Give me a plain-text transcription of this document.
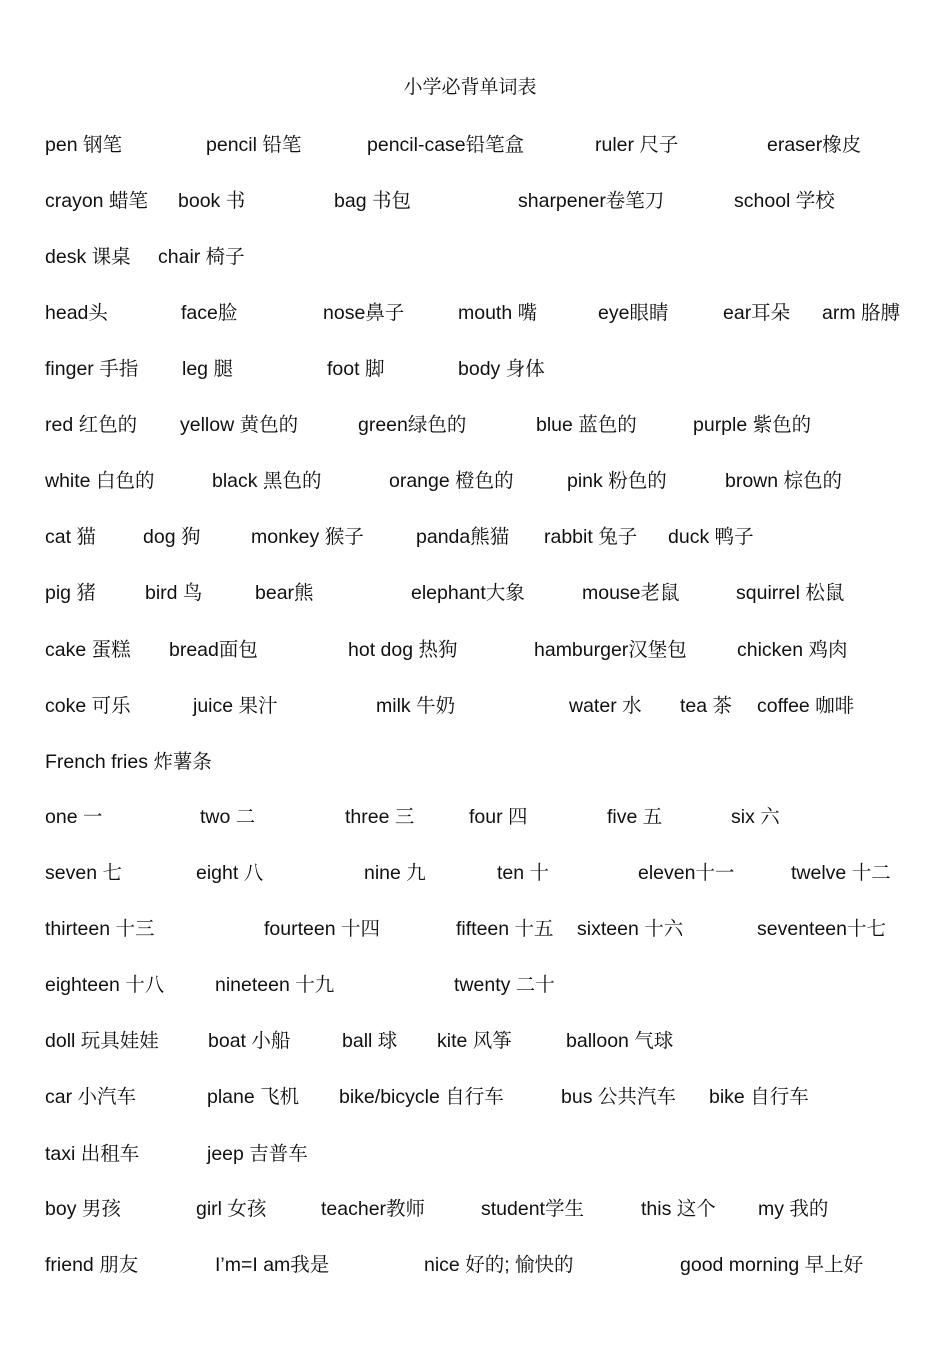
小学必背单词表
pen 钢笔	pencil 铅笔	pencil-case铅笔盒	ruler 尺子	eraser橡皮
crayon 蜡笔 book 书	bag 书包	sharpener卷笔刀	school 学校
desk 课桌 chair 椅子
head头	face脸	nose鼻子	mouth 嘴	eye眼睛	ear耳朵 arm 胳膊
finger 手指 leg 腿	foot 脚	body 身体
red 红色的 yellow 黄色的	green绿色的	blue 蓝色的	purple 紫色的
white 白色的	black 黑色的	orange 橙色的	pink 粉色的	brown 棕色的
cat 猫 dog 狗	monkey 猴子	panda熊猫 rabbit 兔子 duck 鸭子
pig 猪	bird 鸟	bear熊	elephant大象	mouse老鼠	squirrel 松鼠
cake 蛋糕 bread面包	hot dog 热狗	hamburger汉堡包	chicken 鸡肉
coke 可乐	juice 果汁	milk 牛奶	water 水 tea 茶 coffee 咖啡
French fries 炸薯条
one 一	two 二	three 三	four 四	five 五	six 六
seven 七	eight 八	nine 九	ten 十	eleven十一	twelve 十二
thirteen 十三	fourteen 十四	fifteen 十五 sixteen 十六	seventeen十七
eighteen 十八	nineteen 十九	twenty 二十
doll 玩具娃娃	boat 小船	ball 球 kite 风筝	balloon 气球
car 小汽车	plane 飞机 bike/bicycle 自行车	bus 公共汽车 bike 自行车
taxi 出租车	jeep 吉普车
boy 男孩	girl 女孩	teacher教师	student学生	this 这个 my 我的
friend 朋友	I’m=I am我是	nice 好的; 愉快的	good morning 早上好
